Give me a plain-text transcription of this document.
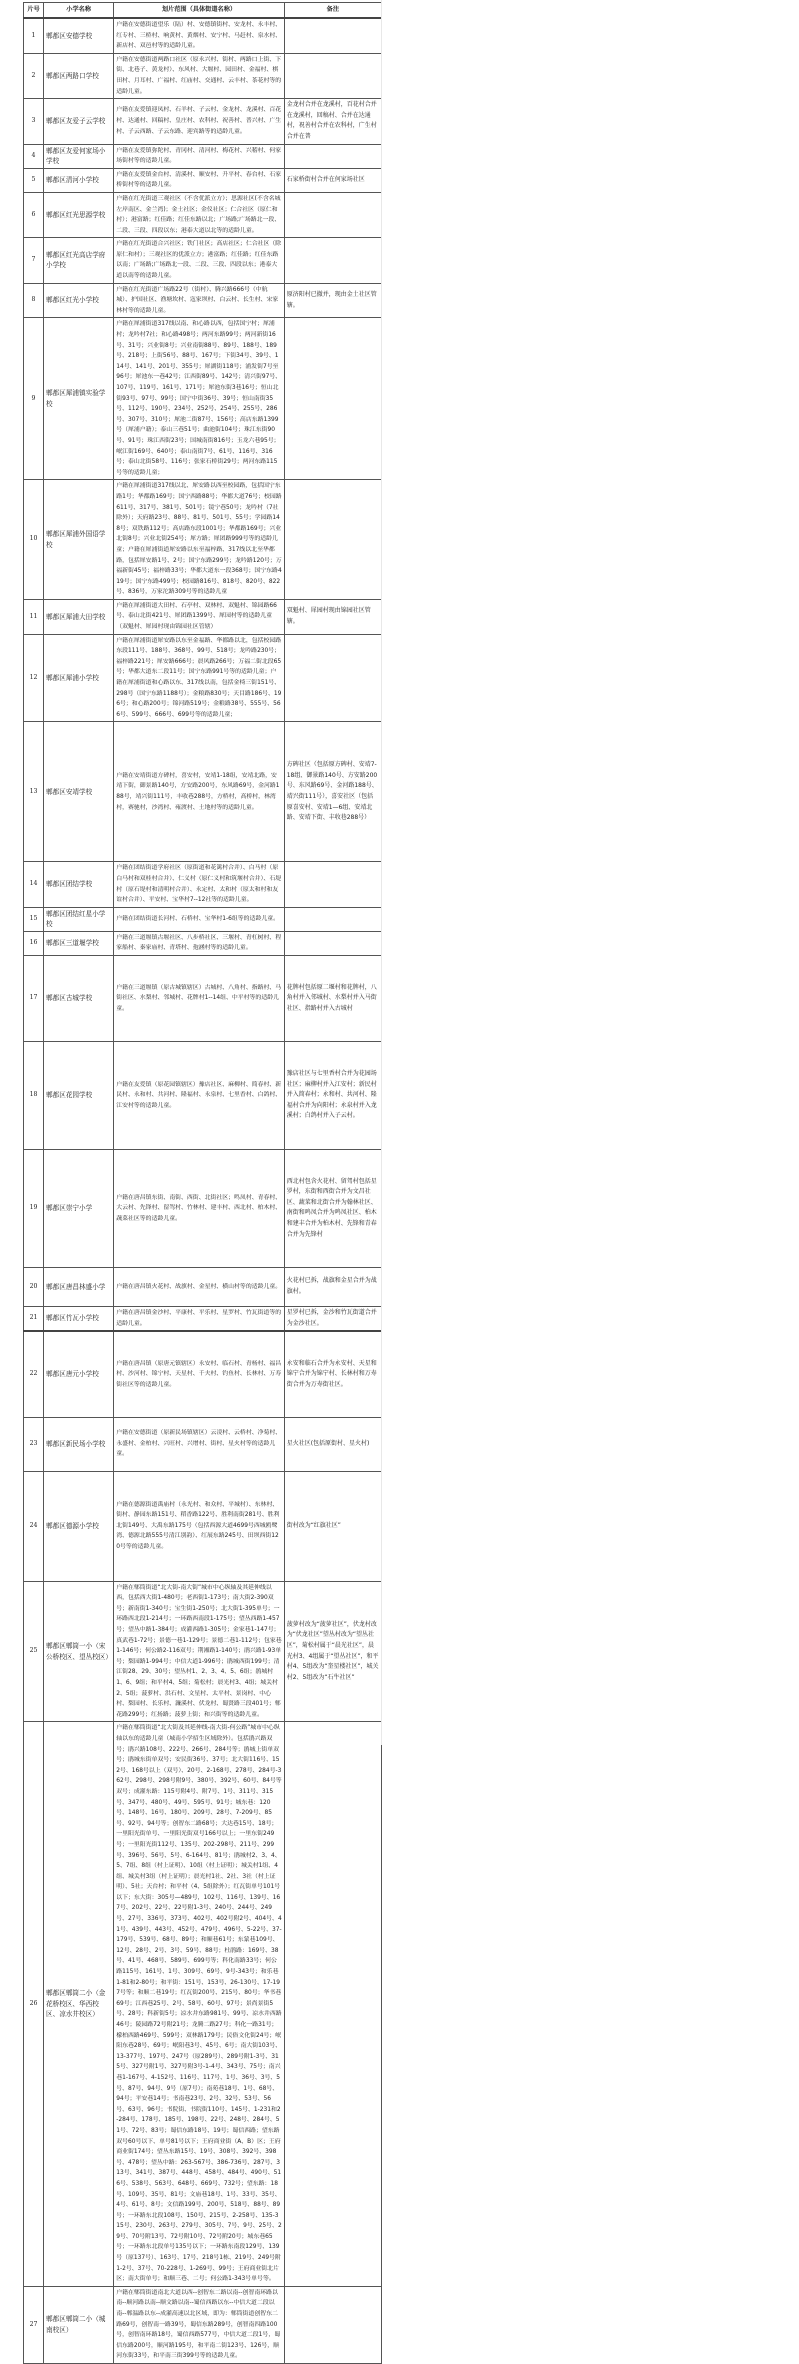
片号	小学名称	划片范围（具体街道名称）	备注
1	郫都区安德学校	户籍在安德街道望乐（陆）村、安德镇街村、安龙村、永丰村、红专村、三桥村、响黄村、黄烟村、安宁村、马赶村、泉水村、新店村、双邑村等的适龄儿童。	
2	郫都区两路口学校	户籍在安德街道两路口社区（原永兴村、街村、两路口上街、下街、北巷子、黄龙村）、东风村、大堰村、园田村、金福村、棋田村、月耳村、广福村、红庙村、交通村、云丰村、茶花村等的适龄儿童。	
3	郫都区友爱子云学校	户籍在友爱镇迎凤村、石羊村、子云村、金龙村、龙溪村、百花村、达通村、回稿村、皇庄村、农科村、祝善村、普兴村、广生村、子云西路、子云东路、迎宾路等的适龄儿童。	金龙村合并在龙溪村，百花村合并在龙溪村，回稿村、合并在达通村，祝善村合并在农科村，广生村合并在普
4	郫都区友爱何家场小学校	户籍在友爱镇弥陀村、青冈村、清河村、梅花村、兴稽村、何家场街村等的适龄儿童。	
5	郫都区清河小学校	户籍在友爱镇金台村、清溪村、顺安村、升平村、春台村、石家桥街村等的适龄儿童。	石家桥街村合并在何家场社区
6	郫都区红光思源学校	户籍在红光街道三观社区（不含优派立方）；思源社区(不含名城左岸南区、金兰湾)；金土社区；金仪社区；仁合社区（原仁和村）；港富路；红佳路；红佳东路以北；广场路;广场路北一段、二段、三段、四段以东；港泰大道以北等的适龄儿童。	
7	郫都区红光高店学府小学校	户籍在红光街道合兴社区；铁门社区；高店社区；仁合社区（除原仁和村）；三观社区的优派立方；港富路；红佳路；红佳东路以南；广场路;广场路北一段、二段、三段、四段以东；港泰大道以南等的适龄儿童。	
8	郫都区红光小学校	户籍在红光街道广场路22号（街村）、腾兴路666号（中航城）、护国社区、渔塘坎村、寇家坝村、白云村、长生村、宋家林村等的适龄儿童。	原济阳村已撤并，现由金土社区管辖。
9	郫都区犀浦镇实验学校	户籍在犀浦街道317线以南、和心路以西，包括国宁村；犀浦村；龙吟村7社；和心路498号；两河东路99号；两河新街16号、31号；兴业街8号；兴业南街88号、89号、188号、189号、218号；上街56号、88号、167号；下街34号、39号、114号、141号、201号、355号；犀湖街118号；浦发街7号至96号；犀池东一巷42号；江西街89号、142号；清兴街97号、107号、119号、161号、171号；犀池东街3巷16号；恒山北街93号、97号、99号；国宁中街36号、39号；恒山南街35号、112号、190号、234号、252号、254号、255号、286号、307号、310号；犀池二街87号、156号；高店东路1399号（犀浦户籍）；泰山三巷51号；曲池街104号；珠江东街90号、91号；珠江西街23号；国城南街816号；玉龙六巷95号；岷江街169号、640号；泰山南街7号、61号、116号、316号；泰山北街58号、116号；张家石桥街29号；两河东路115号等的适龄儿童；	
10	郫都区犀浦外国语学校	户籍在犀浦街道317线以北、犀安路以西至校园路，包括国宁东路1号；华都路169号；国宁西路88号；华都大道76号；校园路611号、317号、381号、501号；镜宁巷50号；龙吟村（7社除外）；天府路23号、88号、81号、501号、55号；学园路148号；双铁路112号；高店路东段1001号；华都路169号；兴业北街8号；兴业北街254号；犀方路；犀团路999号等的适龄儿童；户籍在犀浦街道犀安路以东至福梓路、317线以北至华都路，包括犀安路1号、2号；国宁东路299号；龙吟路120号；万福新街45号；福梓路33号；华都大道东一段368号；国宁东路419号；国宁东路499号；校园路816号、818号、820号、822号、836号，万家沱路309号等的适龄儿童	
11	郫都区犀浦大田学校	户籍在犀浦街道大田村、石亭村、双林村、双魁村、锦园路66号、泰山北街421号、犀团路1399号、犀园村等的适龄儿童（双魁村、犀园村现由锦园社区管辖）	双魁村、犀园村现由锦园社区管辖。
12	郫都区犀浦小学校	户籍在犀浦街道犀安路以东至金福路、华都路以北，包括校园路东段111号、188号、368号、99号、518号；龙吟路230号；福梓路221号；犀安路666号；晨风路266号；万福二街北段65号；华都大道东二段11号；国宁东路991号等的适龄儿童；户籍在犀浦街道和心路以东、317线以南，包括金椅三街151号、298号（国宁东路1188号）；金粮路830号；天目路186号、196号；和心路200号；锦河路519号；金粮路38号、555号、566号、599号、666号、699号等的适龄儿童；	
13	郫都区安靖学校	户籍在安靖街道方碑村，喜安村，安靖1-18组，安靖北路，安靖下街，御景路140号，方安路200号，东风路69号，金河路188号，靖兴街111号，丰收巷288号，方桥村，高桥村，林湾村，赛驰村，沙湾村、雍渡村、土地村等的适龄儿童。	方碑社区（包括原方碑村、安靖7-18组、御景路140号、方安路200号、东风路69号、金河路188号、靖兴街111号），喜安社区（包括原喜安村、安靖1—6组、安靖北路、安靖下街、丰收巷288号）
14	郫都区团结学校	户籍在团结街道学府社区（原街道和花篱村合并）、白马村（原白马村和双桂村合并）、仁义村（原仁义村和筑堰村合并）、石堤村（原石堤村和清明村合并）、永定村、太和村（原太和村和友谊村合并）、平安村、宝华村7--12社等的适龄儿童。	
15	郫都区团结红星小学校	户籍在团结街道长河村、石桥村、宝华村1-6组等的适龄儿童。	
16	郫都区三道堰学校	户籍在三道堰镇古堰社区、八步桥社区、三堰村、青杠树村、程家船村、秦家庙村、青塔村、孢涵村等的适龄儿童。	
17	郫都区古城学校	户籍在三道堰镇（原古城镇辖区）古城村、八角村、指路村、马街社区、水梨村、邻城村、花牌村1--14组、中平村等的适龄儿童。	花牌村包括原二堰村和花牌村，八角村并入邻城村、水梨村并入马街社区、指路村并入古城村
18	郫都区花园学校	户籍在友爱镇（原花园镇辖区）豫店社区、麻柳村、简春村、新民村、永和村、共河村、隆福村、永泉村、七里香村、白鸽村、江安村等的适龄儿童。	豫店社区与七里香村合并为花园场社区；麻柳村并入江安村；新民村并入简春村；永和村、共河村、隆福村合并为向阳村；永泉村并入龙溪村；白鸽村并入子云村。
19	郫都区崇宁小学	户籍在唐昌镇东街、南街、西街、北街社区；鸣凤村、青春村、大云村、先锋村、留驾村、竹林村、建丰村、西北村、柏木村、蔬菜社区等的适龄儿童。	西北村包含火花村、留驾村包括星罗村，东街和西街合并为文昌社区、蔬菜和北街合并为翰林社区、南街和鸣凤合并为鸣凤社区、柏木和建丰合并为柏木村、先锋和青春合并为先锋村
20	郫都区唐昌林盛小学	户籍在唐昌镇火花村、战旗村、金星村、横山村等的适龄儿童。	火花村已拆，战旗和金星合并为战旗村。
21	郫都区竹瓦小学校	户籍在唐昌镇金沙村、平康村、平乐村、星罗村、竹瓦街道等的适龄儿童。	星罗村已拆，金沙和竹瓦街道合并为金沙社区。
22	郫都区唐元小学校	户籍在唐昌镇（原唐元镇辖区）永安村、临石村、青杨村、福昌村、沙河村、锦宁村、天星村、千夫村、钓鱼村、长林村、万寿街社区等的适龄儿童。	永安和临石合并为永安村、天星和锦宁合并为锦宁村、长林村和万寿街合并为万寿街社区。
23	郫都区新民场小学校	户籍在安德街道（原新民场镇辖区）云凌村、云桥村、净菊村、永盛村、金柏村、兴旺村、兴增村、街村、星火村等的适龄儿童。	星火社区(包括原街村、星火村)
24	郫都区德源小学校	户籍在德源街道禹庙村（永光村、和众村、平城村）、东林村、街村、静园东路151号、稻香路122号、胜利南街281号、胜利北街149号、大禹东路175号（包括西源大道4699号西城鸥鹭湾、德源北路555号清江别韵）、红展东路245号、田坝西街120号等的适龄儿童。	街村改为“红旗社区”
25	郫都区郫筒一小（宋公桥校区、望丛校区）	户籍在郫筒街道“北大街-南大街”城市中心纵轴及其延伸线以西，包括西大街1-480号；老西街1-173号；南大街2-390双号；新南街1-340号；宝生街1-250号；北大街1-395单号；一环路西北段1-214号；一环路西南段1-175号；望丛西路1-457号；望丛中路1-384号；成灌西路1-305号；金家巷1-147号；真武巷1-72号；景德一巷1-129号；景德二巷1-112号；包家巷1-146号；何公路2-116双号；荆湘路1-140号；鹃兴路1-93单号；梨园路1-994号；中信大道1-996号；鹃城西街199号；清江街28、29、30号；望丛村1、2、3、4、5、6组；鹃城村1、6、9组；和平村4、5组；菊松村；晨光村3、4组；城关村2、5组；菠萝村、洪石村、文星村、太平村、景岗村、中心村、梨园村、长乐村、濂溪村、伏龙村、蜀贤路三段401号；郫花路299号；红扬路；菠萝上街；和兴街等的适龄儿童。	菠萝村改为“菠萝社区”，伏龙村改为“伏龙社区”望丛村改为“望丛社区”，菊松村属于“晨光社区”，晨光村3、4组属于“望丛社区”，和平村4、5组改为“奎星楼社区”，城关村2、5组改为“石牛社区”
26	郫都区郫筒二小（金花桥校区、华西校区、凉水井校区）	户籍在郫筒街道“北大街及其延伸线-南大街-何公路”城市中心纵轴以东的适龄儿童（城南小学招生区域除外）。包括鹃兴路双号；鹃兴路108号、222号、266号、284号等；鹃城上街单双号；鹃城东街单双号；安民街36号、37号；北大街116号、152号、168号以上（双号）、20号、2-168号、278号、284号-362号、298号、298号附9号、380号、392号、60号、84号等双号；成灌东路：115号附4号、附7号、1号、311号、315号、347号、480号、49号、595号、91号；城东巷：120号、148号、16号、180号、209号、28号、7-209号、85号、92号、94号等；创智东二路68号；大达巷15号、18号；一里阳光街单号、一里阳光街双号166号以上；一里东街249号；一里阳光街112号、135号、202-298号、211号、299号、396号、56号、5号、6-164号、81号；鹃城村2、3、4、5、7组、8组（村上证明）、10组（村上证明）；城关村1组、4组、城关村3组（村上证明）；晨光村1社、2社、3社（村上证明）、5社；天台村；和平村（4、5组除外）；红瓦街单号101号以下；东大街：305号—489号，102号、116号、139号、167号、202号、22号、22号附1-3号、240号、244号、249号、27号、336号、373号、402号、402号附2号、404号、41号、439号、443号、452号、479号、496号、5-22号、37-179号、539号、68号、89号；和顺巷61号；东蒙巷109号、12号、28号、2号、3号、59号、88号；杜鹃路：169号、38号、41号、468号、589号、699号等；科化南路33号；何公路115号、161号、1号、309号、69号、9号-343号；和乐巷1-81和2-80号；和平街：151号、153号、26-130号、17-197号等；和顺二巷19号；红瓦街200号、215号、80号；华书巷69号；江西巷25号、2号、58号、60号、97号；景尚景街5号、28号；科新街5号；凉水井东路981号、99号、凉水井西路46号；陵园路72号附21号；龙腾二路27号；科化一路31号；檬柏西路469号、599号；双林路179号；民俗文化街24号；岷阳东巷28号、69号；岷阳巷3号、45号、6号；南大街103号、13-377号、197号、247号（原289号）、289号附1-3号、315号、327号附1号、327号附3号-1-4号、343号、75号；南兴巷1-167号、4-152号、116号、117号、1号、36号、3号、5号、87号、94号、9号（原7号）；南苑巷18号、1号、68号、94号；平安巷14号；书南巷23号、2号、32号、53号、56号、63号、96号；书院街、书院街110号、145号、1-231和2-284号、178号、185号、198号、22号、248号、284号、51号、72号、83号；蜀信东路18号、19号；蜀信西路；望东路双号60号以下、单号81号以下；王府商业街（A、B）区；王府商业街174号；望丛东路15号、19号、308号、392号、398号、478号；望丛中路：263-567号、386-736号、287号、313号、341号、387号、448号、458号、484号、490号、516号、538号、563号、648号、669号、732号；望东路：18号、109号、35号、81号；文庙巷18号、1号、33号、35号、4号、61号、8号；文信路199号、200号、518号、88号、89号；一环路东北段108号、150号、215号、2-258号、135-315号、230号、263号、279号、305号、7号、9号、25号、29号、70号附13号、72号附10号、72号附20号；城东巷65号；一环路东北段单号135号以下；一环路东南段129号、139号（原137号）、163号、17号、218号1栋、219号、249号附1-2号、37号、70-228号、1-269号、99号；王府商业街北片区；南大街单号；和顺三巷、二号；何公路1-343号单号等。	
27	郫都区郫筒二小（城南校区）	户籍在郫筒街道南北大道以西--创智东二路以南--创智南环路以南--顺河路以南--顺文路以南--蜀信西路以东--中信大道二段以南--郫温路以东--成灌高速以北区域，即为：郫筒街道创智东二路69号，创智南一路39号，蜀信东路289号，创智南四路100号，创智南环路18号，蜀信西路577号，中信大道二段1号，蜀信东路200号，顺河路195号，和平南二街123号、126号，顺河东街33号，和平南三街399号等的适龄儿童。	
